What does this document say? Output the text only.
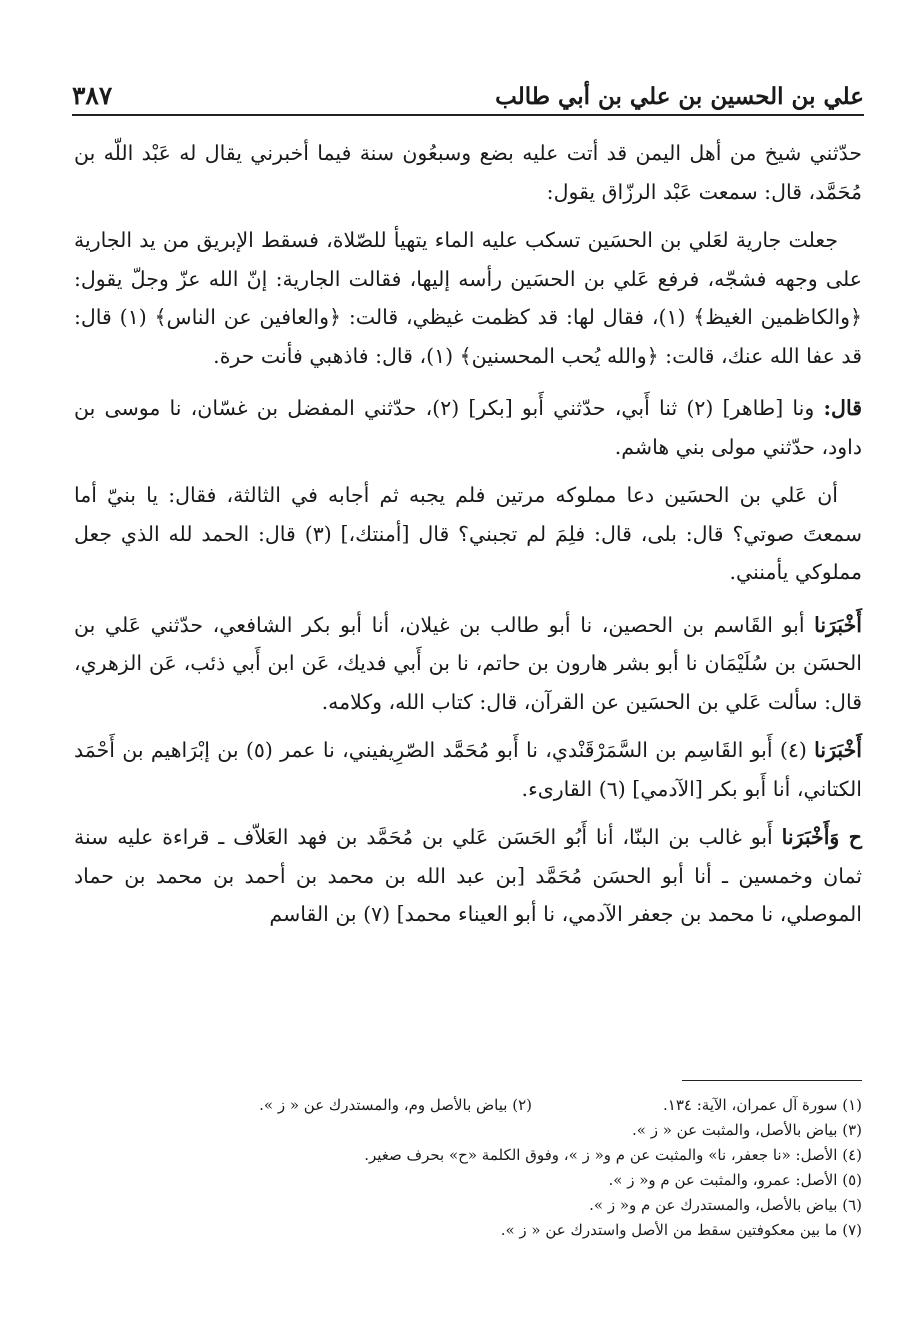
علي بن الحسين بن علي بن أبي طالب
٣٨٧

حدّثني شيخ من أهل اليمن قد أتت عليه بضع وسبعُون سنة فيما أخبرني يقال له عَبْد اللّه بن مُحَمَّد، قال: سمعت عَبْد الرزّاق يقول:

جعلت جارية لعَلي بن الحسَين تسكب عليه الماء يتهيأ للصّلاة، فسقط الإبريق من يد الجارية على وجهه فشجّه، فرفع عَلي بن الحسَين رأسه إليها، فقالت الجارية: إنّ الله عزّ وجلّ يقول: ﴿والكاظمين الغيظ﴾ (١)، فقال لها: قد كظمت غيظي، قالت: ﴿والعافين عن الناس﴾ (١) قال: قد عفا الله عنك، قالت: ﴿والله يُحب المحسنين﴾ (١)، قال: فاذهبي فأنت حرة.

قال: ونا [طاهر] (٢) ثنا أَبي، حدّثني أَبو [بكر] (٢)، حدّثني المفضل بن غسّان، نا موسى بن داود، حدّثني مولى بني هاشم.

أن عَلي بن الحسَين دعا مملوكه مرتين فلم يجبه ثم أجابه في الثالثة، فقال: يا بنيّ أما سمعتَ صوتي؟ قال: بلى، قال: فلِمَ لم تجبني؟ قال [أمنتك،] (٣) قال: الحمد لله الذي جعل مملوكي يأمنني.

أَخْبَرَنا أبو القَاسم بن الحصين، نا أبو طالب بن غيلان، أنا أبو بكر الشافعي، حدّثني عَلي بن الحسَن بن سُلَيْمَان نا أبو بشر هارون بن حاتم، نا بن أَبي فديك، عَن ابن أَبي ذئب، عَن الزهري، قال: سألت عَلي بن الحسَين عن القرآن، قال: كتاب الله، وكلامه.

أَخْبَرَنا (٤) أَبو القَاسِم بن السَّمَرْقَنْدي، نا أَبو مُحَمَّد الصّرِيفيني، نا عمر (٥) بن إبْرَاهيم بن أَحْمَد الكتاني، أنا أَبو بكر [الآدمي] (٦) القارىء.

ح وَأَخْبَرَنا أَبو غالب بن البنّا، أنا أَبُو الحَسَن عَلي بن مُحَمَّد بن فهد العَلاّف ـ قراءة عليه سنة ثمان وخمسين ـ أنا أبو الحسَن مُحَمَّد [بن عبد الله بن محمد بن أحمد بن محمد بن حماد الموصلي، نا محمد بن جعفر الآدمي، نا أبو العيناء محمد] (٧) بن القاسم

(١) سورة آل عمران، الآية: ١٣٤.
(٢) بياض بالأصل وم، والمستدرك عن « ز ».
(٣) بياض بالأصل، والمثبت عن « ز ».
(٤) الأصل: «نا جعفر، نا» والمثبت عن م و« ز »، وفوق الكلمة «ح» بحرف صغير.
(٥) الأصل: عمرو، والمثبت عن م و« ز ».
(٦) بياض بالأصل، والمستدرك عن م و« ز ».
(٧) ما بين معكوفتين سقط من الأصل واستدرك عن « ز ».
